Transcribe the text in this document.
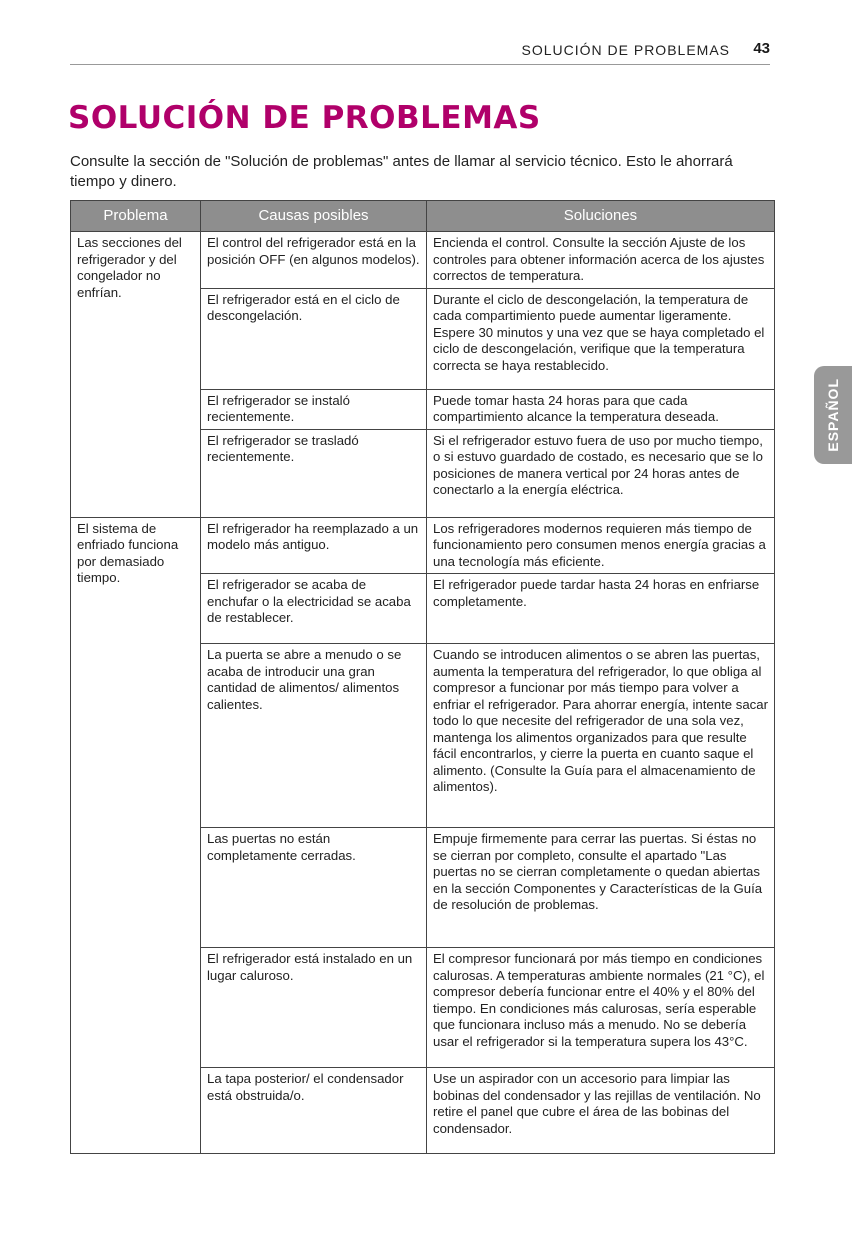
SOLUCIÓN DE PROBLEMAS 43
SOLUCIÓN DE PROBLEMAS

Consulte la sección de "Solución de problemas" antes de llamar al servicio técnico. Esto le ahorrará tiempo y dinero.

ESPAÑOL
Problema	Causas posibles	Soluciones
Las secciones del refrigerador y del congelador no enfrían.	El control del refrigerador está en la posición OFF (en algunos modelos).	Encienda el control. Consulte la sección Ajuste de los controles para obtener información acerca de los ajustes correctos de temperatura.
	El refrigerador está en el ciclo de descongelación.	Durante el ciclo de descongelación, la temperatura de cada compartimiento puede aumentar ligeramente. Espere 30 minutos y una vez que se haya completado el ciclo de descongelación, verifique que la temperatura correcta se haya restablecido.
	El refrigerador se instaló recientemente.	Puede tomar hasta 24 horas para que cada compartimiento alcance la temperatura deseada.
	El refrigerador se trasladó recientemente.	Si el refrigerador estuvo fuera de uso por mucho tiempo, o si estuvo guardado de costado, es necesario que se lo posiciones de manera vertical por 24 horas antes de conectarlo a la energía eléctrica.
El sistema de enfriado funciona por demasiado tiempo.	El refrigerador ha reemplazado a un modelo más antiguo.	Los refrigeradores modernos requieren más tiempo de funcionamiento pero consumen menos energía gracias a una tecnología más eficiente.
	El refrigerador se acaba de enchufar o la electricidad se acaba de restablecer.	El refrigerador puede tardar hasta 24 horas en enfriarse completamente.
	La puerta se abre a menudo o se acaba de introducir una gran cantidad de alimentos/ alimentos calientes.	Cuando se introducen alimentos o se abren las puertas, aumenta la temperatura del refrigerador, lo que obliga al compresor a funcionar por más tiempo para volver a enfriar el refrigerador. Para ahorrar energía, intente sacar todo lo que necesite del refrigerador de una sola vez, mantenga los alimentos organizados para que resulte fácil encontrarlos, y cierre la puerta en cuanto saque el alimento. (Consulte la Guía para el almacenamiento de alimentos).
	Las puertas no están completamente cerradas.	Empuje firmemente para cerrar las puertas. Si éstas no se cierran por completo, consulte el apartado "Las puertas no se cierran completamente o quedan abiertas en la sección Componentes y Características de la Guía de resolución de problemas.
	El refrigerador está instalado en un lugar caluroso.	El compresor funcionará por más tiempo en condiciones calurosas. A temperaturas ambiente normales (21 °C), el compresor debería funcionar entre el 40% y el 80% del tiempo. En condiciones más calurosas, sería esperable que funcionara incluso más a menudo. No se debería usar el refrigerador si la temperatura supera los 43°C.
	La tapa posterior/ el condensador está obstruida/o.	Use un aspirador con un accesorio para limpiar las bobinas del condensador y las rejillas de ventilación. No retire el panel que cubre el área de las bobinas del condensador.
